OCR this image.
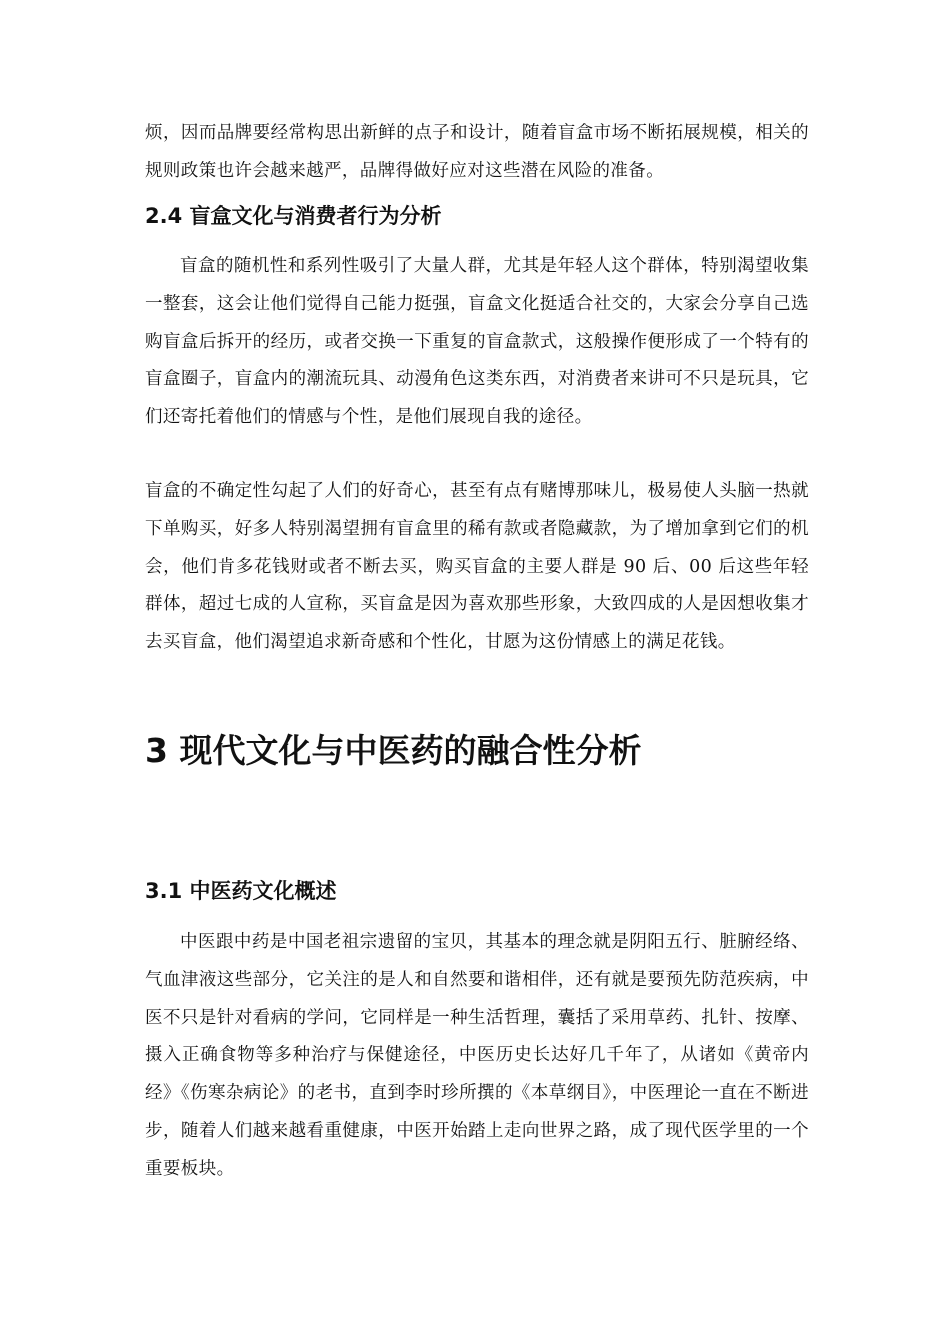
烦，因而品牌要经常构思出新鲜的点子和设计，随着盲盒市场不断拓展规模，相关的规则政策也许会越来越严，品牌得做好应对这些潜在风险的准备。

2.4 盲盒文化与消费者行为分析

盲盒的随机性和系列性吸引了大量人群，尤其是年轻人这个群体，特别渴望收集一整套，这会让他们觉得自己能力挺强，盲盒文化挺适合社交的，大家会分享自己选购盲盒后拆开的经历，或者交换一下重复的盲盒款式，这般操作便形成了一个特有的盲盒圈子，盲盒内的潮流玩具、动漫角色这类东西，对消费者来讲可不只是玩具，它们还寄托着他们的情感与个性，是他们展现自我的途径。

盲盒的不确定性勾起了人们的好奇心，甚至有点有赌博那味儿，极易使人头脑一热就下单购买，好多人特别渴望拥有盲盒里的稀有款或者隐藏款，为了增加拿到它们的机会，他们肯多花钱财或者不断去买，购买盲盒的主要人群是 90 后、00 后这些年轻群体，超过七成的人宣称，买盲盒是因为喜欢那些形象，大致四成的人是因想收集才去买盲盒，他们渴望追求新奇感和个性化，甘愿为这份情感上的满足花钱。

3 现代文化与中医药的融合性分析
3.1 中医药文化概述

中医跟中药是中国老祖宗遗留的宝贝，其基本的理念就是阴阳五行、脏腑经络、气血津液这些部分，它关注的是人和自然要和谐相伴，还有就是要预先防范疾病，中医不只是针对看病的学问，它同样是一种生活哲理，囊括了采用草药、扎针、按摩、摄入正确食物等多种治疗与保健途径，中医历史长达好几千年了，从诸如《黄帝内经》《伤寒杂病论》的老书，直到李时珍所撰的《本草纲目》，中医理论一直在不断进步，随着人们越来越看重健康，中医开始踏上走向世界之路，成了现代医学里的一个重要板块。
